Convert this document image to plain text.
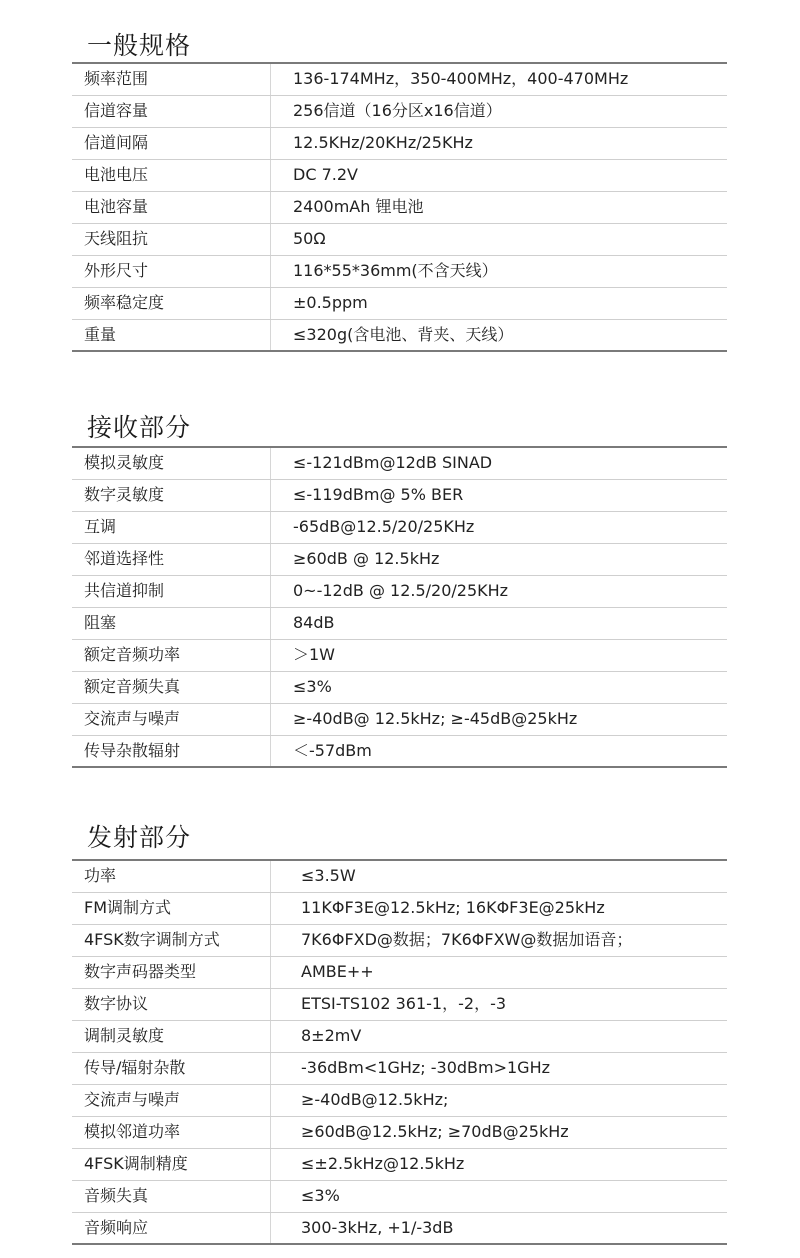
一般规格
频率范围	136-174MHz，350-400MHz，400-470MHz
信道容量	256信道（16分区x16信道）
信道间隔	12.5KHz/20KHz/25KHz
电池电压	DC 7.2V
电池容量	2400mAh 锂电池
天线阻抗	50Ω
外形尺寸	116*55*36mm(不含天线）
频率稳定度	±0.5ppm
重量	≤320g(含电池、背夹、天线）
接收部分
模拟灵敏度	≤-121dBm@12dB SINAD
数字灵敏度	≤-119dBm@ 5% BER
互调	-65dB@12.5/20/25KHz
邻道选择性	≥60dB @ 12.5kHz
共信道抑制	0~-12dB @ 12.5/20/25KHz
阻塞	84dB
额定音频功率	＞1W
额定音频失真	≤3%
交流声与噪声	≥-40dB@ 12.5kHz; ≥-45dB@25kHz
传导杂散辐射	＜-57dBm
发射部分
功率	≤3.5W
FM调制方式	11KΦF3E@12.5kHz; 16KΦF3E@25kHz
4FSK数字调制方式	7K6ΦFXD@数据；7K6ΦFXW@数据加语音；
数字声码器类型	AMBE++
数字协议	ETSI-TS102 361-1，-2，-3
调制灵敏度	8±2mV
传导/辐射杂散	-36dBm<1GHz; -30dBm>1GHz
交流声与噪声	≥-40dB@12.5kHz;
模拟邻道功率	≥60dB@12.5kHz; ≥70dB@25kHz
4FSK调制精度	≤±2.5kHz@12.5kHz
音频失真	≤3%
音频响应	300-3kHz, +1/-3dB
